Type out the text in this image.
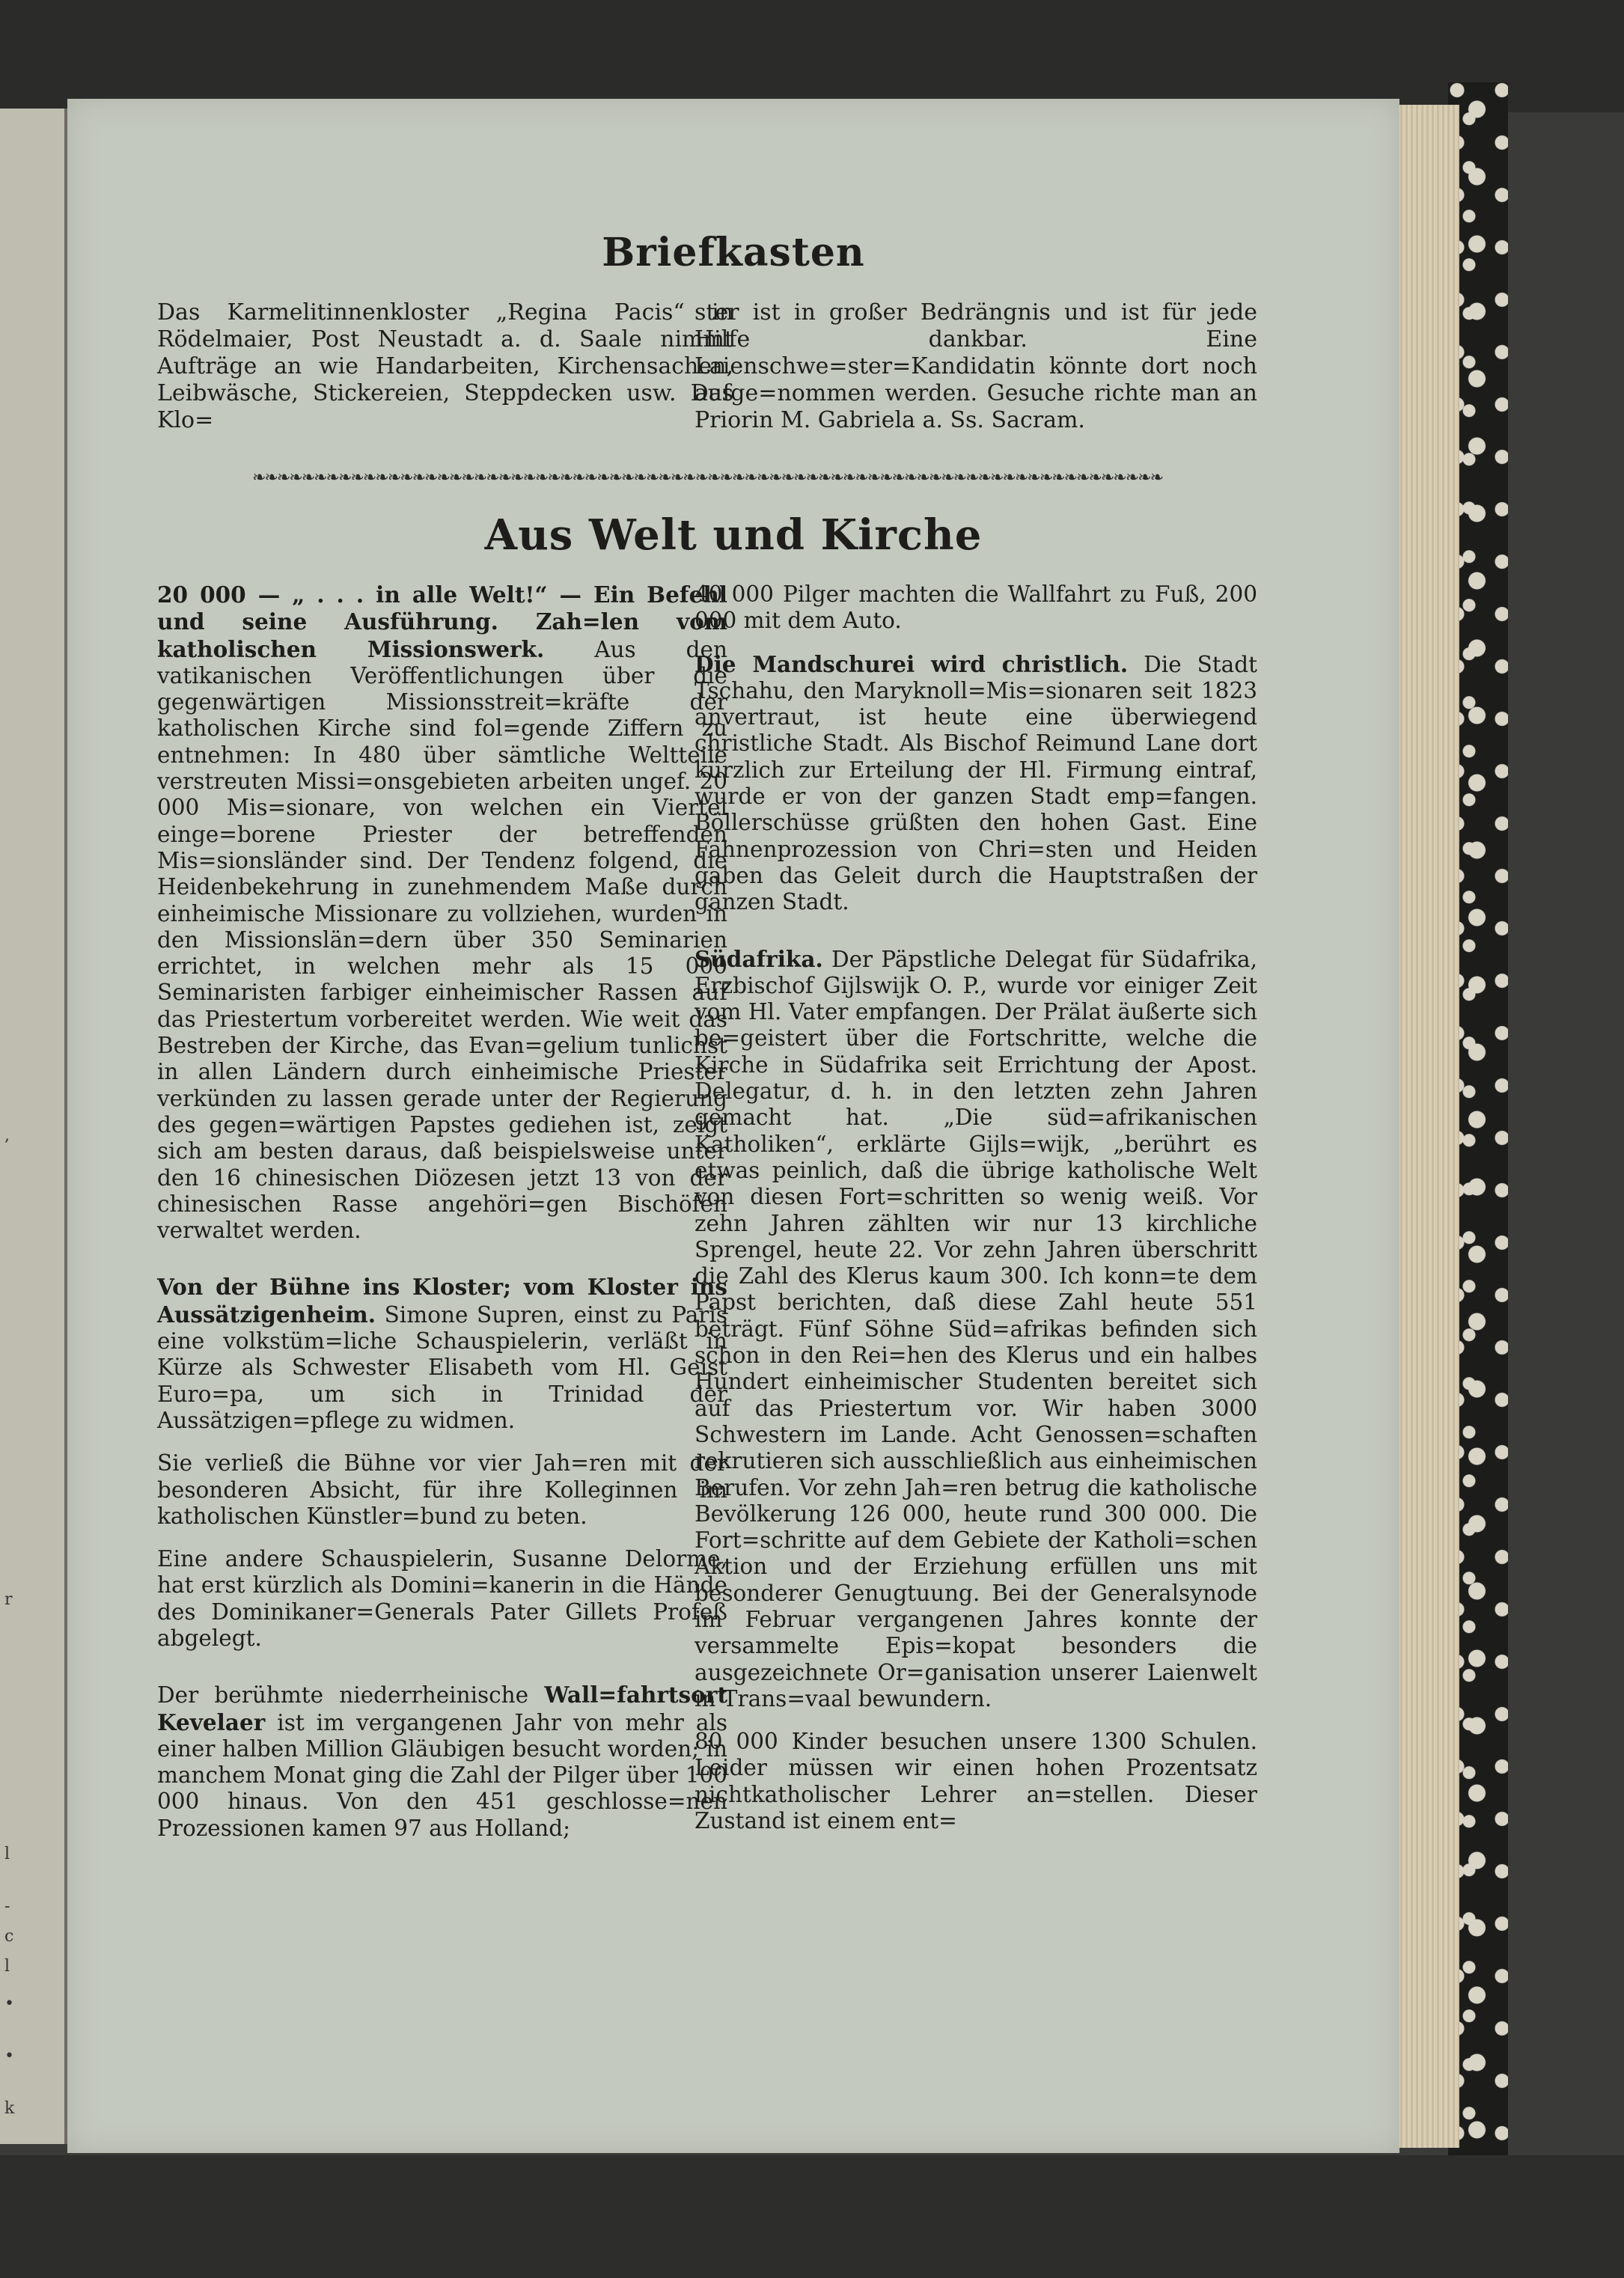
,
r
l
-
c
l
•
•
k
Briefkasten

Das Karmelitinnenkloster „Regina Pacis“ in Rödelmaier, Post Neustadt a. d. Saale nimmt Aufträge an wie Handarbeiten, Kirchensachen, Leibwäsche, Stickereien, Steppdecken usw. Das Klo=

ster ist in großer Bedrängnis und ist für jede Hilfe dankbar. Eine Laienschwe=ster=Kandidatin könnte dort noch aufge=nommen werden. Gesuche richte man an Priorin M. Gabriela a. Ss. Sacram.

❧❧❧❧❧❧❧❧❧❧❧❧❧❧❧❧❧❧❧❧❧❧❧❧❧❧❧❧❧❧❧❧❧❧❧❧❧❧❧❧❧❧❧❧❧❧❧❧❧❧❧❧❧❧❧❧❧❧❧❧❧❧❧❧❧❧❧❧❧❧❧❧❧❧
Aus Welt und Kirche

20 000 — „ . . . in alle Welt!“ — Ein Befehl und seine Ausführung. Zah=len vom katholischen Missionswerk. Aus den vatikanischen Veröffentlichungen über die gegenwärtigen Missionsstreit=kräfte der katholischen Kirche sind fol=gende Ziffern zu entnehmen: In 480 über sämtliche Weltteile verstreuten Missi=onsgebieten arbeiten ungef. 20 000 Mis=sionare, von welchen ein Viertel einge=borene Priester der betreffenden Mis=sionsländer sind. Der Tendenz folgend, die Heidenbekehrung in zunehmendem Maße durch einheimische Missionare zu vollziehen, wurden in den Missionslän=dern über 350 Seminarien errichtet, in welchen mehr als 15 000 Seminaristen farbiger einheimischer Rassen auf das Priestertum vorbereitet werden. Wie weit das Bestreben der Kirche, das Evan=gelium tunlichst in allen Ländern durch einheimische Priester verkünden zu lassen gerade unter der Regierung des gegen=wärtigen Papstes gediehen ist, zeigt sich am besten daraus, daß beispielsweise unter den 16 chinesischen Diözesen jetzt 13 von der chinesischen Rasse angehöri=gen Bischöfen verwaltet werden.

Von der Bühne ins Kloster; vom Kloster ins Aussätzigenheim. Simone Supren, einst zu Paris eine volkstüm=liche Schauspielerin, verläßt in Kürze als Schwester Elisabeth vom Hl. Geist Euro=pa, um sich in Trinidad der Aussätzigen=pflege zu widmen.

Sie verließ die Bühne vor vier Jah=ren mit der besonderen Absicht, für ihre Kolleginnen im katholischen Künstler=bund zu beten.

Eine andere Schauspielerin, Susanne Delorme, hat erst kürzlich als Domini=kanerin in die Hände des Dominikaner=Generals Pater Gillets Profeß abgelegt.

Der berühmte niederrheinische Wall=fahrtsort Kevelaer ist im vergangenen Jahr von mehr als einer halben Million Gläubigen besucht worden; in manchem Monat ging die Zahl der Pilger über 100 000 hinaus. Von den 451 geschlosse=nen Prozessionen kamen 97 aus Holland;

40 000 Pilger machten die Wallfahrt zu Fuß, 200 000 mit dem Auto.

Die Mandschurei wird christlich. Die Stadt Tschahu, den Maryknoll=Mis=sionaren seit 1823 anvertraut, ist heute eine überwiegend christliche Stadt. Als Bischof Reimund Lane dort kürzlich zur Erteilung der Hl. Firmung eintraf, wurde er von der ganzen Stadt emp=fangen. Böllerschüsse grüßten den hohen Gast. Eine Fahnenprozession von Chri=sten und Heiden gaben das Geleit durch die Hauptstraßen der ganzen Stadt.

Südafrika. Der Päpstliche Delegat für Südafrika, Erzbischof Gijlswijk O. P., wurde vor einiger Zeit vom Hl. Vater empfangen. Der Prälat äußerte sich be=geistert über die Fortschritte, welche die Kirche in Südafrika seit Errichtung der Apost. Delegatur, d. h. in den letzten zehn Jahren gemacht hat. „Die süd=afrikanischen Katholiken“, erklärte Gijls=wijk, „berührt es etwas peinlich, daß die übrige katholische Welt von diesen Fort=schritten so wenig weiß. Vor zehn Jahren zählten wir nur 13 kirchliche Sprengel, heute 22. Vor zehn Jahren überschritt die Zahl des Klerus kaum 300. Ich konn=te dem Papst berichten, daß diese Zahl heute 551 beträgt. Fünf Söhne Süd=afrikas befinden sich schon in den Rei=hen des Klerus und ein halbes Hundert einheimischer Studenten bereitet sich auf das Priestertum vor. Wir haben 3000 Schwestern im Lande. Acht Genossen=schaften rekrutieren sich ausschließlich aus einheimischen Berufen. Vor zehn Jah=ren betrug die katholische Bevölkerung 126 000, heute rund 300 000. Die Fort=schritte auf dem Gebiete der Katholi=schen Aktion und der Erziehung erfüllen uns mit besonderer Genugtuung. Bei der Generalsynode im Februar vergangenen Jahres konnte der versammelte Epis=kopat besonders die ausgezeichnete Or=ganisation unserer Laienwelt in Trans=vaal bewundern.

80 000 Kinder besuchen unsere 1300 Schulen. Leider müssen wir einen hohen Prozentsatz nichtkatholischer Lehrer an=stellen. Dieser Zustand ist einem ent=
